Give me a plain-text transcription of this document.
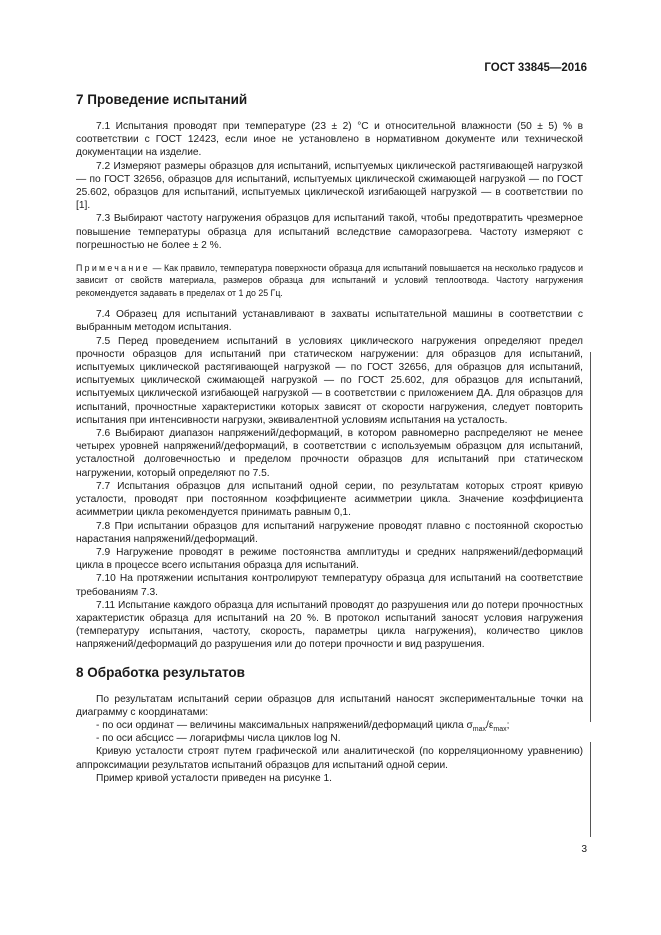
ГОСТ 33845—2016
7 Проведение испытаний

7.1 Испытания проводят при температуре (23 ± 2) °С и относительной влажности (50 ± 5) % в соответствии с ГОСТ 12423, если иное не установлено в нормативном документе или технической документации на изделие.

7.2 Измеряют размеры образцов для испытаний, испытуемых циклической растягивающей нагрузкой — по ГОСТ 32656, образцов для испытаний, испытуемых циклической сжимающей нагрузкой — по ГОСТ 25.602, образцов для испытаний, испытуемых циклической изгибающей нагрузкой — в соответствии по [1].

7.3 Выбирают частоту нагружения образцов для испытаний такой, чтобы предотвратить чрезмерное повышение температуры образца для испытаний вследствие саморазогрева. Частоту измеряют с погрешностью не более ± 2 %.

Примечание — Как правило, температура поверхности образца для испытаний повышается на несколько градусов и зависит от свойств материала, размеров образца для испытаний и условий теплоотвода. Частоту нагружения рекомендуется задавать в пределах от 1 до 25 Гц.

7.4 Образец для испытаний устанавливают в захваты испытательной машины в соответствии с выбранным методом испытания.

7.5 Перед проведением испытаний в условиях циклического нагружения определяют предел прочности образцов для испытаний при статическом нагружении: для образцов для испытаний, испытуемых циклической растягивающей нагрузкой — по ГОСТ 32656, для образцов для испытаний, испытуемых циклической сжимающей нагрузкой — по ГОСТ 25.602, для образцов для испытаний, испытуемых циклической изгибающей нагрузкой — в соответствии с приложением ДА. Для образцов для испытаний, прочностные характеристики которых зависят от скорости нагружения, следует повторить испытания при интенсивности нагрузки, эквивалентной условиям испытания на усталость.

7.6 Выбирают диапазон напряжений/деформаций, в котором равномерно распределяют не менее четырех уровней напряжений/деформаций, в соответствии с используемым образцом для испытаний, усталостной долговечностью и пределом прочности образцов для испытаний при статическом нагружении, который определяют по 7.5.

7.7 Испытания образцов для испытаний одной серии, по результатам которых строят кривую усталости, проводят при постоянном коэффициенте асимметрии цикла. Значение коэффициента асимметрии цикла рекомендуется принимать равным 0,1.

7.8 При испытании образцов для испытаний нагружение проводят плавно с постоянной скоростью нарастания напряжений/деформаций.

7.9 Нагружение проводят в режиме постоянства амплитуды и средних напряжений/деформаций цикла в процессе всего испытания образца для испытаний.

7.10 На протяжении испытания контролируют температуру образца для испытаний на соответствие требованиям 7.3.

7.11 Испытание каждого образца для испытаний проводят до разрушения или до потери прочностных характеристик образца для испытаний на 20 %. В протокол испытаний заносят условия нагружения (температуру испытания, частоту, скорость, параметры цикла нагружения), количество циклов напряжений/деформаций до разрушения или до потери прочности и вид разрушения.

8 Обработка результатов

По результатам испытаний серии образцов для испытаний наносят экспериментальные точки на диаграмму с координатами:

- по оси ординат — величины максимальных напряжений/деформаций цикла $\sigma_{max}/\varepsilon_{max}$;

- по оси абсцисс — логарифмы числа циклов log N.

Кривую усталости строят путем графической или аналитической (по корреляционному уравнению) аппроксимации результатов испытаний образцов для испытаний одной серии.

Пример кривой усталости приведен на рисунке 1.

3
